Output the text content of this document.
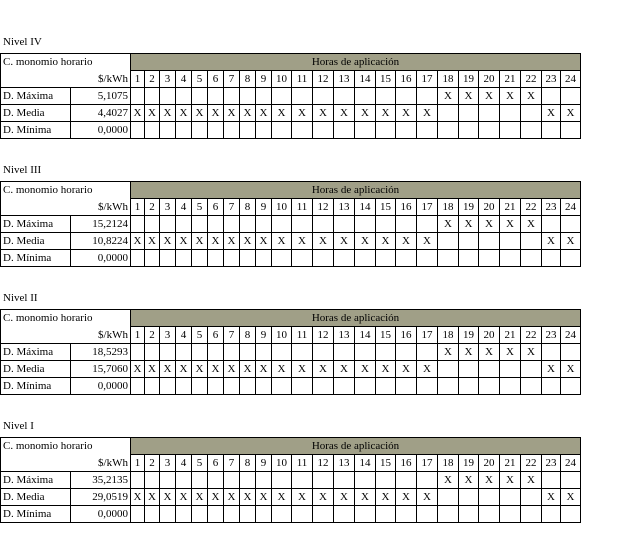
Nivel IV
C. monomio horario		Horas de aplicación																							
$/kWh		1	2	3	4	5	6	7	8	9	10	11	12	13	14	15	16	17	18	19	20	21	22	23	24
D. Máxima	5,1075																		X	X	X	X	X		
D. Media	4,4027	X	X	X	X	X	X	X	X	X	X	X	X	X	X	X	X	X						X	X
D. Mínima	0,0000																								
Nivel III
C. monomio horario		Horas de aplicación																							
$/kWh		1	2	3	4	5	6	7	8	9	10	11	12	13	14	15	16	17	18	19	20	21	22	23	24
D. Máxima	15,2124																		X	X	X	X	X		
D. Media	10,8224	X	X	X	X	X	X	X	X	X	X	X	X	X	X	X	X	X						X	X
D. Mínima	0,0000																								
Nivel II
C. monomio horario		Horas de aplicación																							
$/kWh		1	2	3	4	5	6	7	8	9	10	11	12	13	14	15	16	17	18	19	20	21	22	23	24
D. Máxima	18,5293																		X	X	X	X	X		
D. Media	15,7060	X	X	X	X	X	X	X	X	X	X	X	X	X	X	X	X	X						X	X
D. Mínima	0,0000																								
Nivel I
C. monomio horario		Horas de aplicación																							
$/kWh		1	2	3	4	5	6	7	8	9	10	11	12	13	14	15	16	17	18	19	20	21	22	23	24
D. Máxima	35,2135																		X	X	X	X	X		
D. Media	29,0519	X	X	X	X	X	X	X	X	X	X	X	X	X	X	X	X	X						X	X
D. Mínima	0,0000																								
